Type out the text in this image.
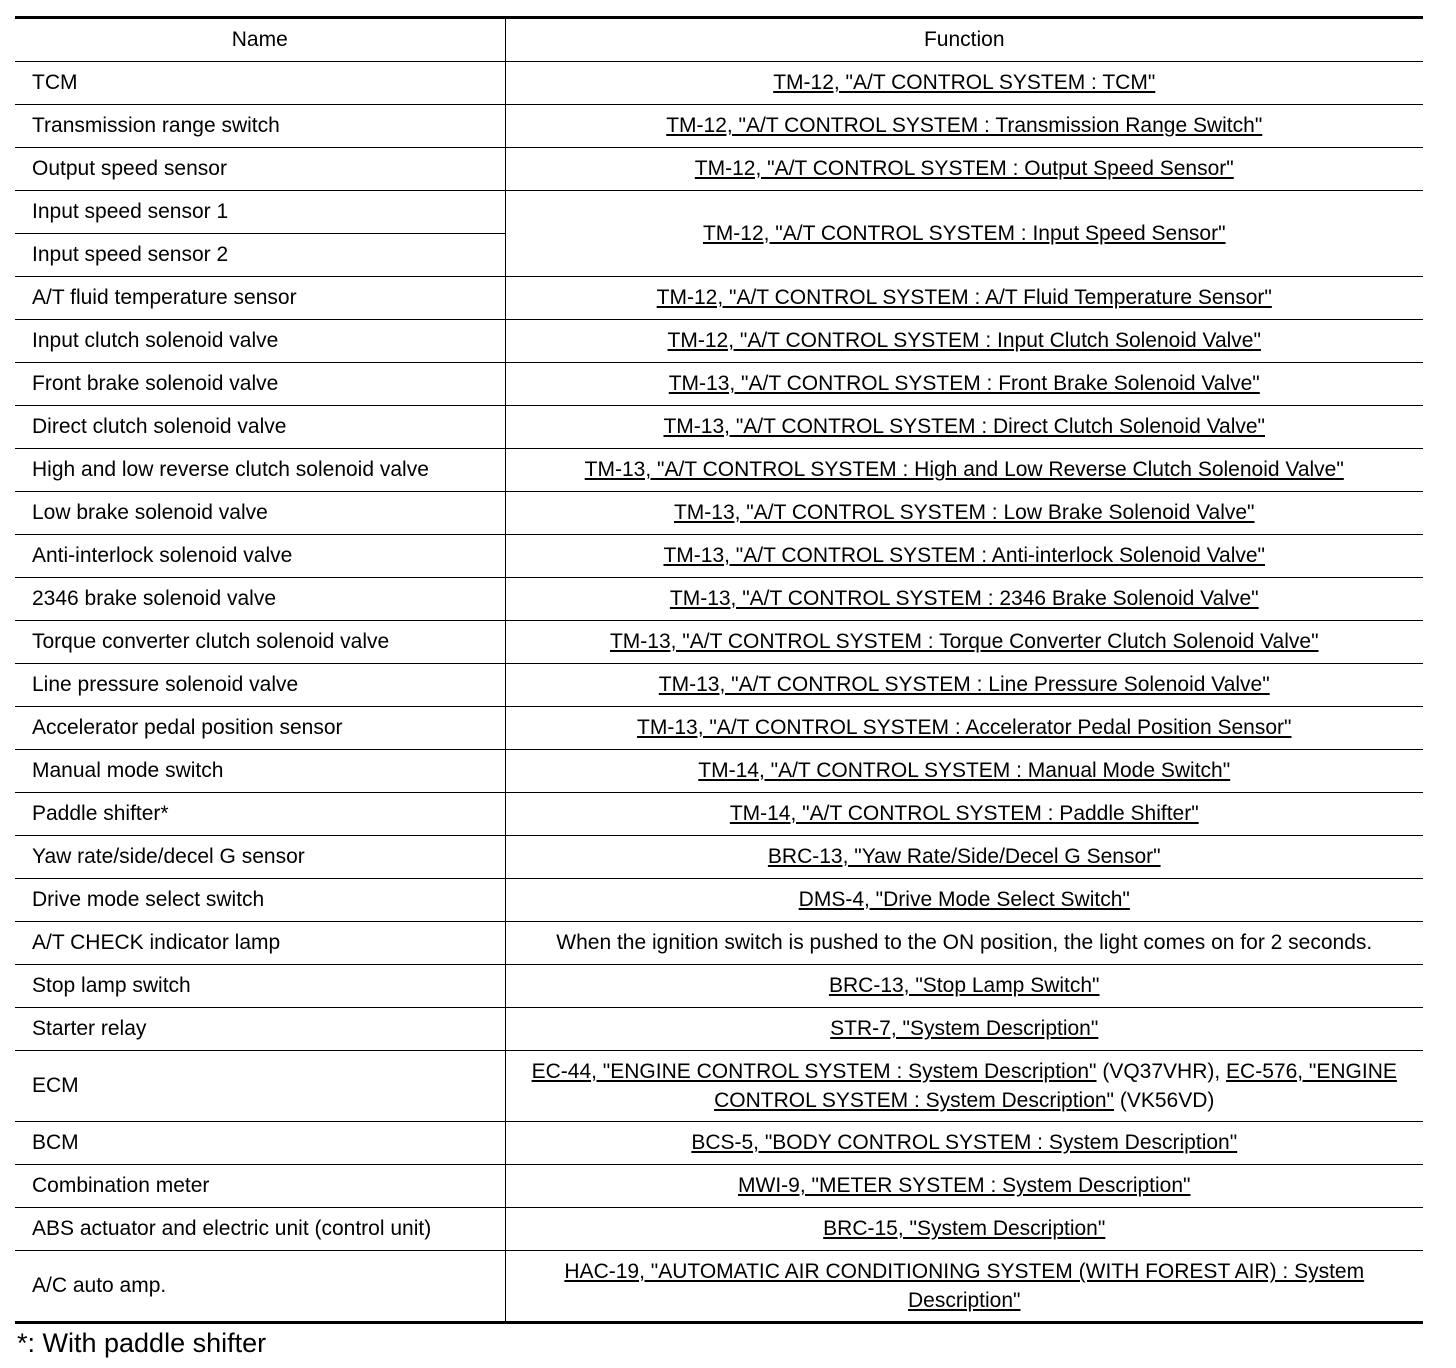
Name	Function
TCM	TM-12, "A/T CONTROL SYSTEM : TCM"
Transmission range switch	TM-12, "A/T CONTROL SYSTEM : Transmission Range Switch"
Output speed sensor	TM-12, "A/T CONTROL SYSTEM : Output Speed Sensor"
Input speed sensor 1	TM-12, "A/T CONTROL SYSTEM : Input Speed Sensor"
Input speed sensor 2	
A/T fluid temperature sensor	TM-12, "A/T CONTROL SYSTEM : A/T Fluid Temperature Sensor"
Input clutch solenoid valve	TM-12, "A/T CONTROL SYSTEM : Input Clutch Solenoid Valve"
Front brake solenoid valve	TM-13, "A/T CONTROL SYSTEM : Front Brake Solenoid Valve"
Direct clutch solenoid valve	TM-13, "A/T CONTROL SYSTEM : Direct Clutch Solenoid Valve"
High and low reverse clutch solenoid valve	TM-13, "A/T CONTROL SYSTEM : High and Low Reverse Clutch Solenoid Valve"
Low brake solenoid valve	TM-13, "A/T CONTROL SYSTEM : Low Brake Solenoid Valve"
Anti-interlock solenoid valve	TM-13, "A/T CONTROL SYSTEM : Anti-interlock Solenoid Valve"
2346 brake solenoid valve	TM-13, "A/T CONTROL SYSTEM : 2346 Brake Solenoid Valve"
Torque converter clutch solenoid valve	TM-13, "A/T CONTROL SYSTEM : Torque Converter Clutch Solenoid Valve"
Line pressure solenoid valve	TM-13, "A/T CONTROL SYSTEM : Line Pressure Solenoid Valve"
Accelerator pedal position sensor	TM-13, "A/T CONTROL SYSTEM : Accelerator Pedal Position Sensor"
Manual mode switch	TM-14, "A/T CONTROL SYSTEM : Manual Mode Switch"
Paddle shifter*	TM-14, "A/T CONTROL SYSTEM : Paddle Shifter"
Yaw rate/side/decel G sensor	BRC-13, "Yaw Rate/Side/Decel G Sensor"
Drive mode select switch	DMS-4, "Drive Mode Select Switch"
A/T CHECK indicator lamp	When the ignition switch is pushed to the ON position, the light comes on for 2 seconds.
Stop lamp switch	BRC-13, "Stop Lamp Switch"
Starter relay	STR-7, "System Description"
ECM	EC-44, "ENGINE CONTROL SYSTEM : System Description" (VQ37VHR), EC-576, "ENGINE CONTROL SYSTEM : System Description" (VK56VD)
BCM	BCS-5, "BODY CONTROL SYSTEM : System Description"
Combination meter	MWI-9, "METER SYSTEM : System Description"
ABS actuator and electric unit (control unit)	BRC-15, "System Description"
A/C auto amp.	HAC-19, "AUTOMATIC AIR CONDITIONING SYSTEM (WITH FOREST AIR) : System Description"
*: With paddle shifter
